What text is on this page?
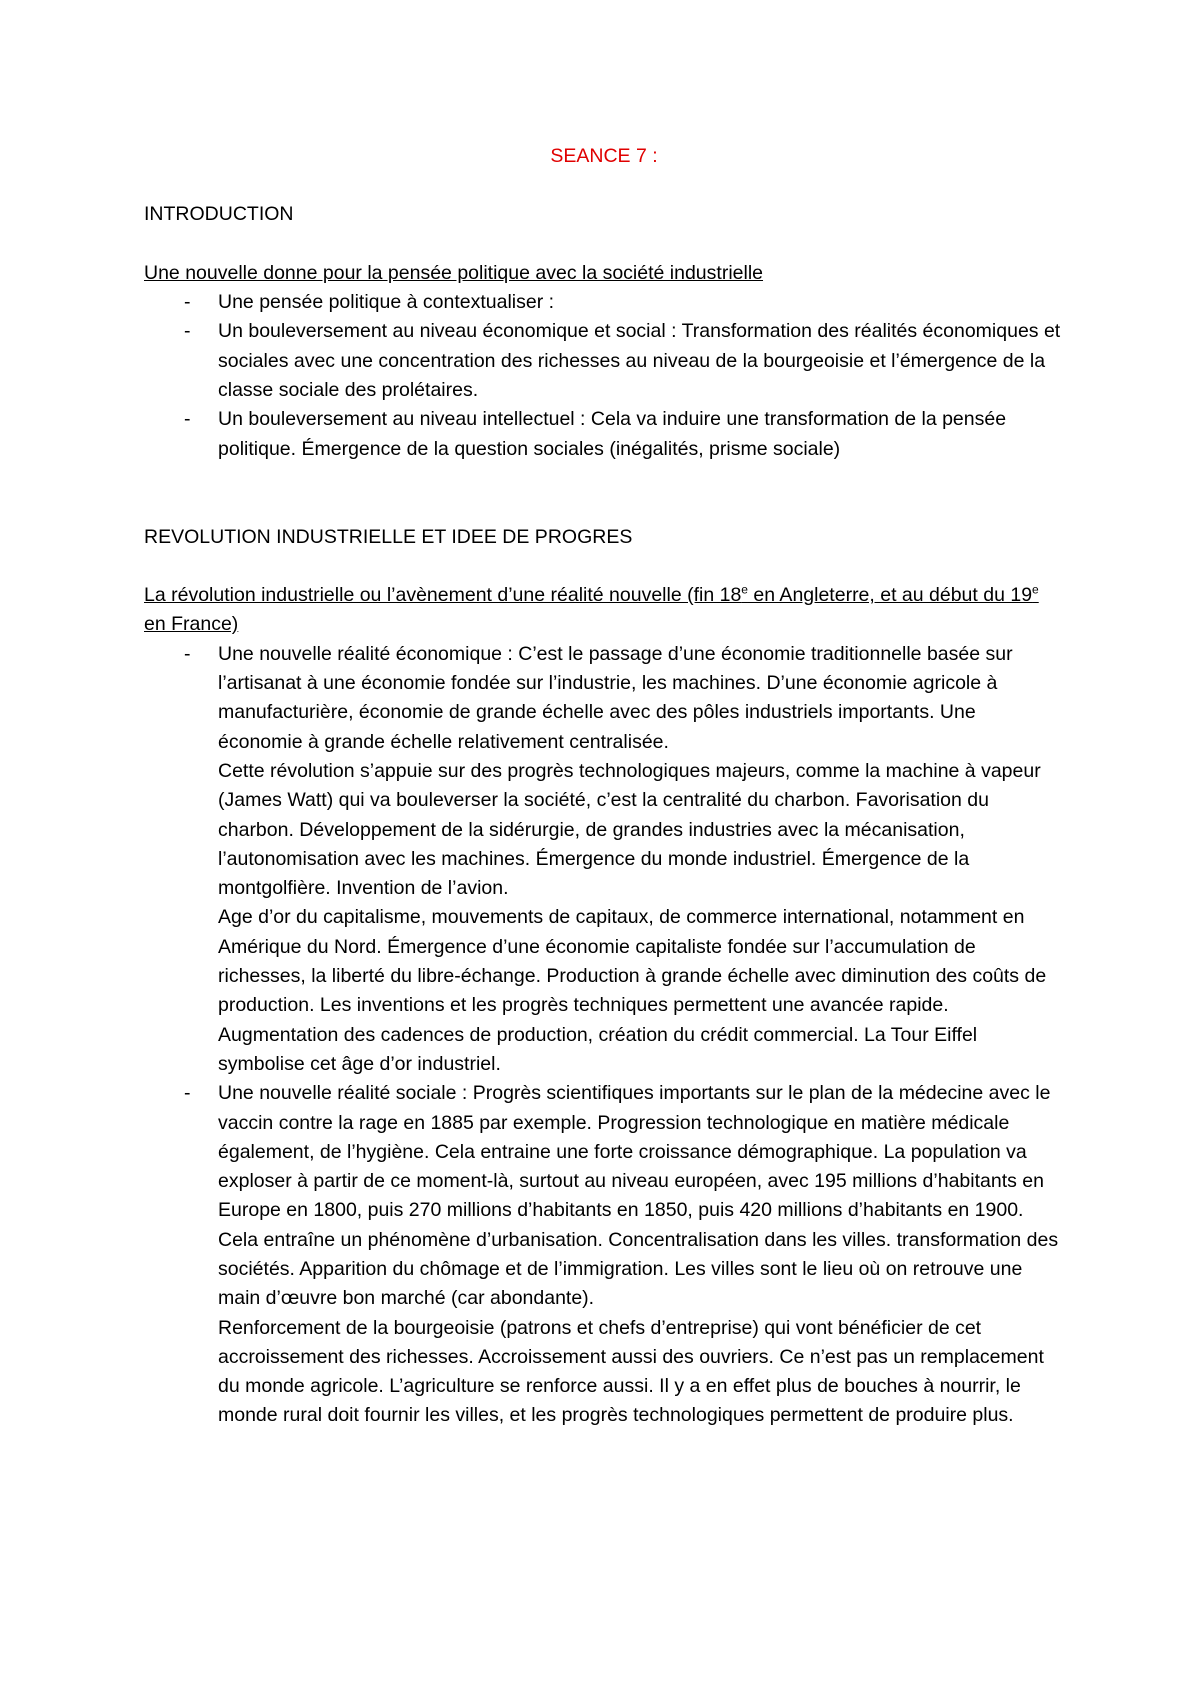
SEANCE 7 :

INTRODUCTION

Une nouvelle donne pour la pensée politique avec la société industrielle

- Une pensée politique à contextualiser :
- Un bouleversement au niveau économique et social : Transformation des réalités économiques et sociales avec une concentration des richesses au niveau de la bourgeoisie et l’émergence de la classe sociale des prolétaires.
- Un bouleversement au niveau intellectuel : Cela va induire une transformation de la pensée politique. Émergence de la question sociales (inégalités, prisme sociale)

REVOLUTION INDUSTRIELLE ET IDEE DE PROGRES

La révolution industrielle ou l’avènement d’une réalité nouvelle (fin 18e en Angleterre, et au début du 19e en France)

- Une nouvelle réalité économique : C’est le passage d’une économie traditionnelle basée sur l’artisanat à une économie fondée sur l’industrie, les machines. D’une économie agricole à manufacturière, économie de grande échelle avec des pôles industriels importants. Une économie à grande échelle relativement centralisée.
Cette révolution s’appuie sur des progrès technologiques majeurs, comme la machine à vapeur (James Watt) qui va bouleverser la société, c’est la centralité du charbon. Favorisation du charbon. Développement de la sidérurgie, de grandes industries avec la mécanisation, l’autonomisation avec les machines. Émergence du monde industriel. Émergence de la montgolfière. Invention de l’avion.
Age d’or du capitalisme, mouvements de capitaux, de commerce international, notamment en Amérique du Nord. Émergence d’une économie capitaliste fondée sur l’accumulation de richesses, la liberté du libre-échange. Production à grande échelle avec diminution des coûts de production. Les inventions et les progrès techniques permettent une avancée rapide. Augmentation des cadences de production, création du crédit commercial. La Tour Eiffel symbolise cet âge d’or industriel.
- Une nouvelle réalité sociale : Progrès scientifiques importants sur le plan de la médecine avec le vaccin contre la rage en 1885 par exemple. Progression technologique en matière médicale également, de l’hygiène. Cela entraine une forte croissance démographique. La population va exploser à partir de ce moment-là, surtout au niveau européen, avec 195 millions d’habitants en Europe en 1800, puis 270 millions d’habitants en 1850, puis 420 millions d’habitants en 1900.
Cela entraîne un phénomène d’urbanisation. Concentralisation dans les villes. transformation des sociétés. Apparition du chômage et de l’immigration. Les villes sont le lieu où on retrouve une main d’œuvre bon marché (car abondante).
Renforcement de la bourgeoisie (patrons et chefs d’entreprise) qui vont bénéficier de cet accroissement des richesses. Accroissement aussi des ouvriers. Ce n’est pas un remplacement du monde agricole. L’agriculture se renforce aussi. Il y a en effet plus de bouches à nourrir, le monde rural doit fournir les villes, et les progrès technologiques permettent de produire plus.
